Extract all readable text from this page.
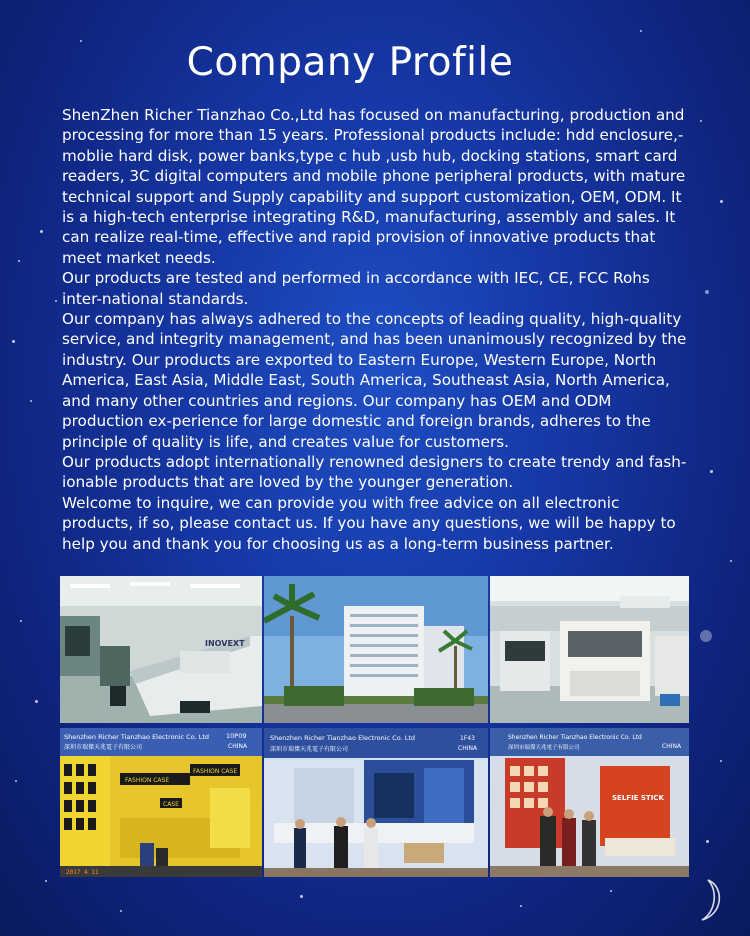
Company Profile

ShenZhen Richer Tianzhao Co.,Ltd has focused on manufacturing, production and processing for more than 15 years. Professional products include: hdd enclosure,-moblie hard disk, power banks,type c hub ,usb hub, docking stations, smart card readers, 3C digital computers and mobile phone peripheral products, with mature technical support and Supply capability and support customization, OEM, ODM. It is a high-tech enterprise integrating R&D, manufacturing, assembly and sales. It can realize real-time, effective and rapid provision of innovative products that meet market needs.

Our products are tested and performed in accordance with IEC, CE, FCC Rohs inter-national standards.

Our company has always adhered to the concepts of leading quality, high-quality service, and integrity management, and has been unanimously recognized by the industry. Our products are exported to Eastern Europe, Western Europe, North America, East Asia, Middle East, South America, Southeast Asia, North America, and many other countries and regions. Our company has OEM and ODM production ex-perience for large domestic and foreign brands, adheres to the principle of quality is life, and creates value for customers.

Our products adopt internationally renowned designers to create trendy and fash-ionable products that are loved by the younger generation.

Welcome to inquire, we can provide you with free advice on all electronic products, if so, please contact us. If you have any questions, we will be happy to help you and thank you for choosing us as a long-term business partner.

INOVEXT
Shenzhen Richer Tianzhao Electronic Co. Ltd
深圳市瑞傑天兆電子有限公司
10P09
CHINA
FASHION CASE
FASHION CASE
CASE
2017 4 11
Shenzhen Richer Tianzhao Electronic Co. Ltd
深圳市瑞傑天兆電子有限公司
1F43
CHINA
Shenzhen Richer Tianzhao Electronic Co. Ltd
深圳市瑞傑天兆電子有限公司	CHINA
SELFIE STICK
